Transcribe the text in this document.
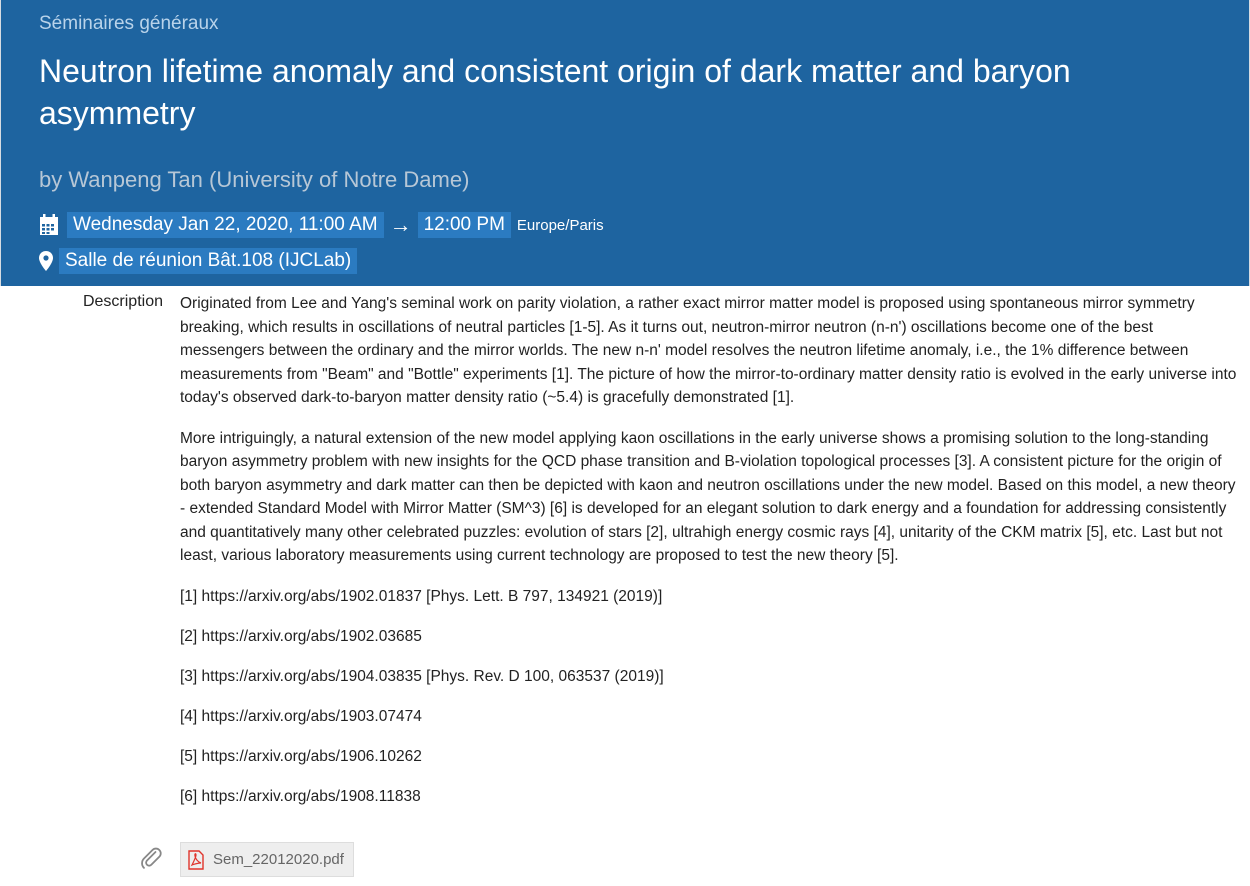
Séminaires généraux
Neutron lifetime anomaly and consistent origin of dark matter and baryon asymmetry
by Wanpeng Tan (University of Notre Dame)
Wednesday Jan 22, 2020, 11:00 AM → 12:00 PM Europe/Paris
Salle de réunion Bât.108 (IJCLab)
Description Originated from Lee and Yang's seminal work on parity violation, a rather exact mirror matter model is proposed using spontaneous mirror symmetry breaking, which results in oscillations of neutral particles [1-5]. As it turns out, neutron-mirror neutron (n-n') oscillations become one of the best messengers between the ordinary and the mirror worlds. The new n-n' model resolves the neutron lifetime anomaly, i.e., the 1% difference between measurements from "Beam" and "Bottle" experiments [1]. The picture of how the mirror-to-ordinary matter density ratio is evolved in the early universe into today's observed dark-to-baryon matter density ratio (~5.4) is gracefully demonstrated [1].

More intriguingly, a natural extension of the new model applying kaon oscillations in the early universe shows a promising solution to the long-standing baryon asymmetry problem with new insights for the QCD phase transition and B-violation topological processes [3]. A consistent picture for the origin of both baryon asymmetry and dark matter can then be depicted with kaon and neutron oscillations under the new model. Based on this model, a new theory - extended Standard Model with Mirror Matter (SM^3) [6] is developed for an elegant solution to dark energy and a foundation for addressing consistently and quantitatively many other celebrated puzzles: evolution of stars [2], ultrahigh energy cosmic rays [4], unitarity of the CKM matrix [5], etc. Last but not least, various laboratory measurements using current technology are proposed to test the new theory [5].

[1] https://arxiv.org/abs/1902.01837 [Phys. Lett. B 797, 134921 (2019)]
[2] https://arxiv.org/abs/1902.03685
[3] https://arxiv.org/abs/1904.03835 [Phys. Rev. D 100, 063537 (2019)]
[4] https://arxiv.org/abs/1903.07474
[5] https://arxiv.org/abs/1906.10262
[6] https://arxiv.org/abs/1908.11838
Sem_22012020.pdf
